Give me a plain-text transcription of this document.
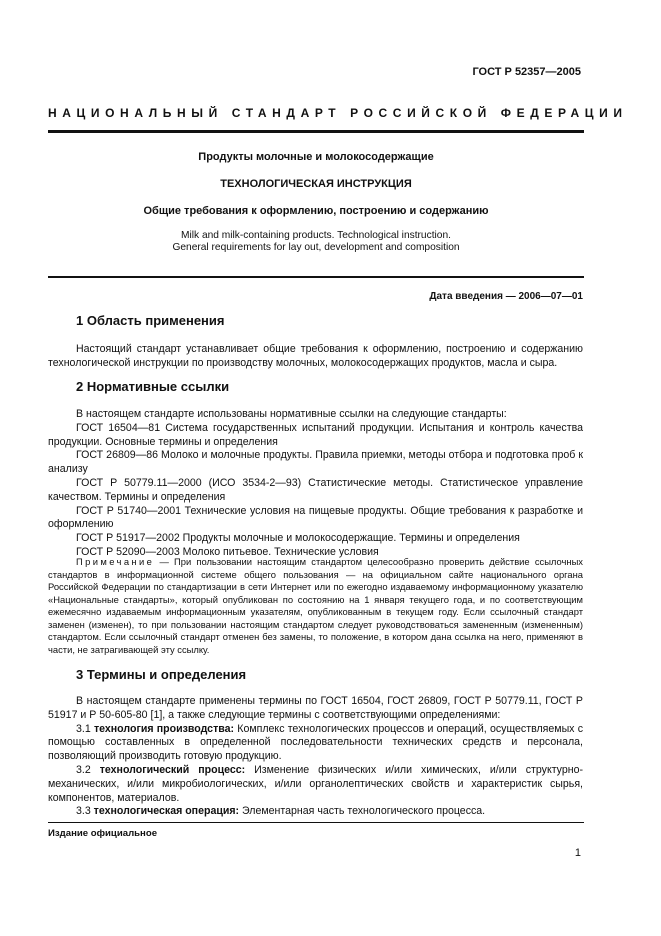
ГОСТ Р 52357—2005
НАЦИОНАЛЬНЫЙ СТАНДАРТ РОССИЙСКОЙ ФЕДЕРАЦИИ
Продукты молочные и молокосодержащие
ТЕХНОЛОГИЧЕСКАЯ ИНСТРУКЦИЯ
Общие требования к оформлению, построению и содержанию
Milk and milk-containing products. Technological instruction.
General requirements for lay out, development and composition
Дата введения — 2006—07—01
1 Область применения
Настоящий стандарт устанавливает общие требования к оформлению, построению и содержанию технологической инструкции по производству молочных, молокосодержащих продуктов, масла и сыра.
2 Нормативные ссылки
В настоящем стандарте использованы нормативные ссылки на следующие стандарты:
ГОСТ 16504—81 Система государственных испытаний продукции. Испытания и контроль качества продукции. Основные термины и определения
ГОСТ 26809—86 Молоко и молочные продукты. Правила приемки, методы отбора и подготовка проб к анализу
ГОСТ Р 50779.11—2000 (ИСО 3534-2—93) Статистические методы. Статистическое управление качеством. Термины и определения
ГОСТ Р 51740—2001 Технические условия на пищевые продукты. Общие требования к разработке и оформлению
ГОСТ Р 51917—2002 Продукты молочные и молокосодержащие. Термины и определения
ГОСТ Р 52090—2003 Молоко питьевое. Технические условия
Примечание — При пользовании настоящим стандартом целесообразно проверить действие ссылочных стандартов в информационной системе общего пользования — на официальном сайте национального органа Российской Федерации по стандартизации в сети Интернет или по ежегодно издаваемому информационному указателю «Национальные стандарты», который опубликован по состоянию на 1 января текущего года, и по соответствующим ежемесячно издаваемым информационным указателям, опубликованным в текущем году. Если ссылочный стандарт заменен (изменен), то при пользовании настоящим стандартом следует руководствоваться замененным (измененным) стандартом. Если ссылочный стандарт отменен без замены, то положение, в котором дана ссылка на него, применяют в части, не затрагивающей эту ссылку.
3 Термины и определения
В настоящем стандарте применены термины по ГОСТ 16504, ГОСТ 26809, ГОСТ Р 50779.11, ГОСТ Р 51917 и Р 50-605-80 [1], а также следующие термины с соответствующими определениями:
3.1 технология производства: Комплекс технологических процессов и операций, осуществляемых с помощью составленных в определенной последовательности технических средств и персонала, позволяющий производить готовую продукцию.
3.2 технологический процесс: Изменение физических и/или химических, и/или структурно-механических, и/или микробиологических, и/или органолептических свойств и характеристик сырья, компонентов, материалов.
3.3 технологическая операция: Элементарная часть технологического процесса.
Издание официальное
1
